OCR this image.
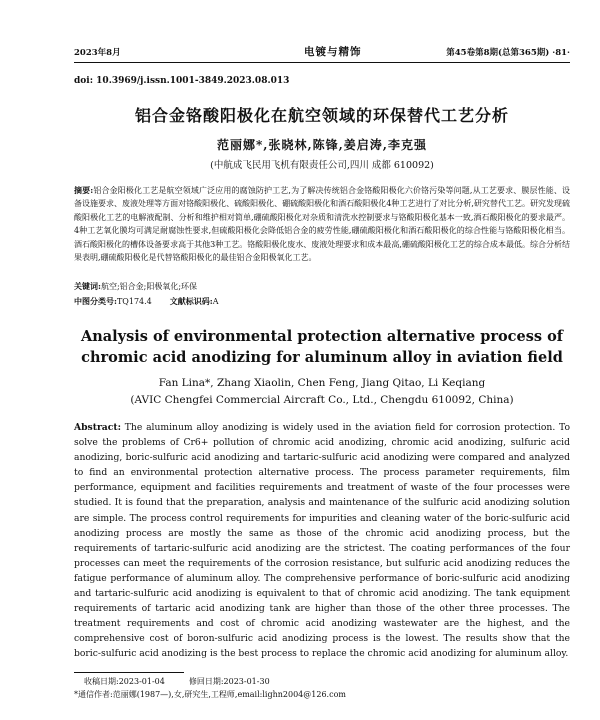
2023年8月	电镀与精饰	第45卷第8期(总第365期) ·81·
doi: 10.3969/j.issn.1001-3849.2023.08.013
铝合金铬酸阳极化在航空领域的环保替代工艺分析
范丽娜*,张晓林,陈锋,姜启涛,李克强
(中航成飞民用飞机有限责任公司,四川 成都 610092)
摘要:铝合金阳极化工艺是航空领域广泛应用的腐蚀防护工艺,为了解决传统铝合金铬酸阳极化六价铬污染等问题,从工艺要求、膜层性能、设备设施要求、废液处理等方面对铬酸阳极化、硫酸阳极化、硼硫酸阳极化和酒石酸阳极化4种工艺进行了对比分析,研究替代工艺。研究发现硫酸阳极化工艺的电解液配制、分析和维护相对简单,硼硫酸阳极化对杂质和清洗水控制要求与铬酸阳极化基本一致,酒石酸阳极化的要求最严。4种工艺氧化膜均可满足耐腐蚀性要求,但硫酸阳极化会降低铝合金的疲劳性能,硼硫酸阳极化和酒石酸阳极化的综合性能与铬酸阳极化相当。酒石酸阳极化的槽体设备要求高于其他3种工艺。铬酸阳极化废水、废液处理要求和成本最高,硼硫酸阳极化工艺的综合成本最低。综合分析结果表明,硼硫酸阳极化是代替铬酸阳极化的最佳铝合金阳极氧化工艺。
关键词:航空;铝合金;阳极氧化;环保
中图分类号:TQ174.4 文献标识码:A
Analysis of environmental protection alternative process of chromic acid anodizing for aluminum alloy in aviation field
Fan Lina*, Zhang Xiaolin, Chen Feng, Jiang Qitao, Li Keqiang
(AVIC Chengfei Commercial Aircraft Co., Ltd., Chengdu 610092, China)
Abstract: The aluminum alloy anodizing is widely used in the aviation field for corrosion protection. To solve the problems of Cr6+ pollution of chromic acid anodizing, chromic acid anodizing, sulfuric acid anodizing, boric-sulfuric acid anodizing and tartaric-sulfuric acid anodizing were compared and analyzed to find an environmental protection alternative process. The process parameter requirements, film performance, equipment and facilities requirements and treatment of waste of the four processes were studied. It is found that the preparation, analysis and maintenance of the sulfuric acid anodizing solution are simple. The process control requirements for impurities and cleaning water of the boric-sulfuric acid anodizing process are mostly the same as those of the chromic acid anodizing process, but the requirements of tartaric-sulfuric acid anodizing are the strictest. The coating performances of the four processes can meet the requirements of the corrosion resistance, but sulfuric acid anodizing reduces the fatigue performance of aluminum alloy. The comprehensive performance of boric-sulfuric acid anodizing and tartaric-sulfuric acid anodizing is equivalent to that of chromic acid anodizing. The tank equipment requirements of tartaric acid anodizing tank are higher than those of the other three processes. The treatment requirements and cost of chromic acid anodizing wastewater are the highest, and the comprehensive cost of boron-sulfuric acid anodizing process is the lowest. The results show that the boric-sulfuric acid anodizing is the best process to replace the chromic acid anodizing for aluminum alloy.
收稿日期:2023-01-04	修回日期:2023-01-30
*通信作者:范丽娜(1987—),女,研究生,工程师,email:lighn2004@126.com
